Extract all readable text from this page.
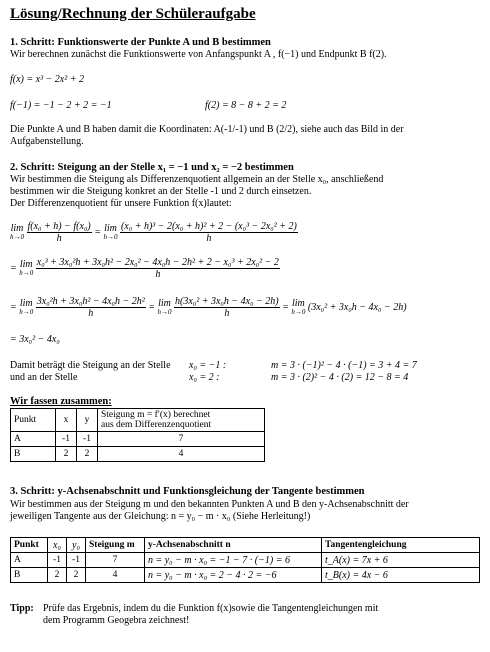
Lösung/Rechnung der Schüleraufgabe
1. Schritt: Funktionswerte der Punkte A und B bestimmen
Wir berechnen zunächst die Funktionswerte von Anfangspunkt A , f(−1) und Endpunkt B f(2).
f(x) = x³ − 2x² + 2
f(−1) = −1 − 2 + 2 = −1	f(2) = 8 − 8 + 2 = 2
Die Punkte A und B haben damit die Koordinaten: A(-1/-1) und B (2/2), siehe auch das Bild in der
Aufgabenstellung.
2. Schritt: Steigung an der Stelle x₁ = −1 und x₂ = −2 bestimmen
Wir bestimmen die Steigung als Differenzenquotient allgemein an der Stelle x₀, anschließend
bestimmen wir die Steigung konkret an der Stelle -1 und 2 durch einsetzen.
Der Differenzenquotient für unsere Funktion f(x)lautet:
lim
h→0
$\frac{\text{f(x₀ + h) − f(x₀)}}{h} = \lim$
h→0
$\frac{\text{(x₀ + h)³ − 2(x₀ + h)² + 2 − (x₀³ − 2x₀² + 2)}}{h}$
= lim
h→0
$\frac{\text{x₀³ + 3x₀²h + 3x₀h² − 2x₀² − 4x₀h − 2h² + 2 − x₀³ + 2x₀² − 2}}{h}$
= lim
h→0
$\frac{\text{3x₀²h + 3x₀h² − 4x₀h − 2h²}}{h} = \lim$
h→0
$\frac{\text{h(3x₀² + 3x₀h − 4x₀ − 2h)}}{h} = \lim$
h→0 (3x₀² + 3x₀h − 4x₀ − 2h)
= 3x₀² − 4x₀
Damit beträgt die Steigung an der Stelle x₀ = −1 :	m = 3 · (−1)² − 4 · (−1) = 3 + 4 = 7
und an der Stelle	x₀ = 2 :	m = 3 · (2)² − 4 · (2) = 12 − 8 = 4
Wir fassen zusammen:
Punkt	x	y	Steigung m = f′(x) berechnet
aus dem Differenzenquotient
A	-1	-1	7
B	2	2	4
3. Schritt: y-Achsenabschnitt und Funktionsgleichung der Tangente bestimmen
Wir bestimmen aus der Steigung m und den bekannten Punkten A und B den y-Achsenabschnitt der
jeweiligen Tangente aus der Gleichung: n = y₀ − m · x₀ (Siehe Herleitung!)
Punkt	x₀	y₀	Steigung m	y-Achsenabschnitt n	Tangentengleichung
A	-1	-1	7	n = y₀ − m · x₀ = −1 − 7 · (−1) = 6	t_A(x) = 7x + 6
B	2	2	4	n = y₀ − m · x₀ = 2 − 4 · 2 = −6	t_B(x) = 4x − 6
Tipp: Prüfe das Ergebnis, indem du die Funktion f(x)sowie die Tangentengleichungen mit
dem Programm Geogebra zeichnest!
